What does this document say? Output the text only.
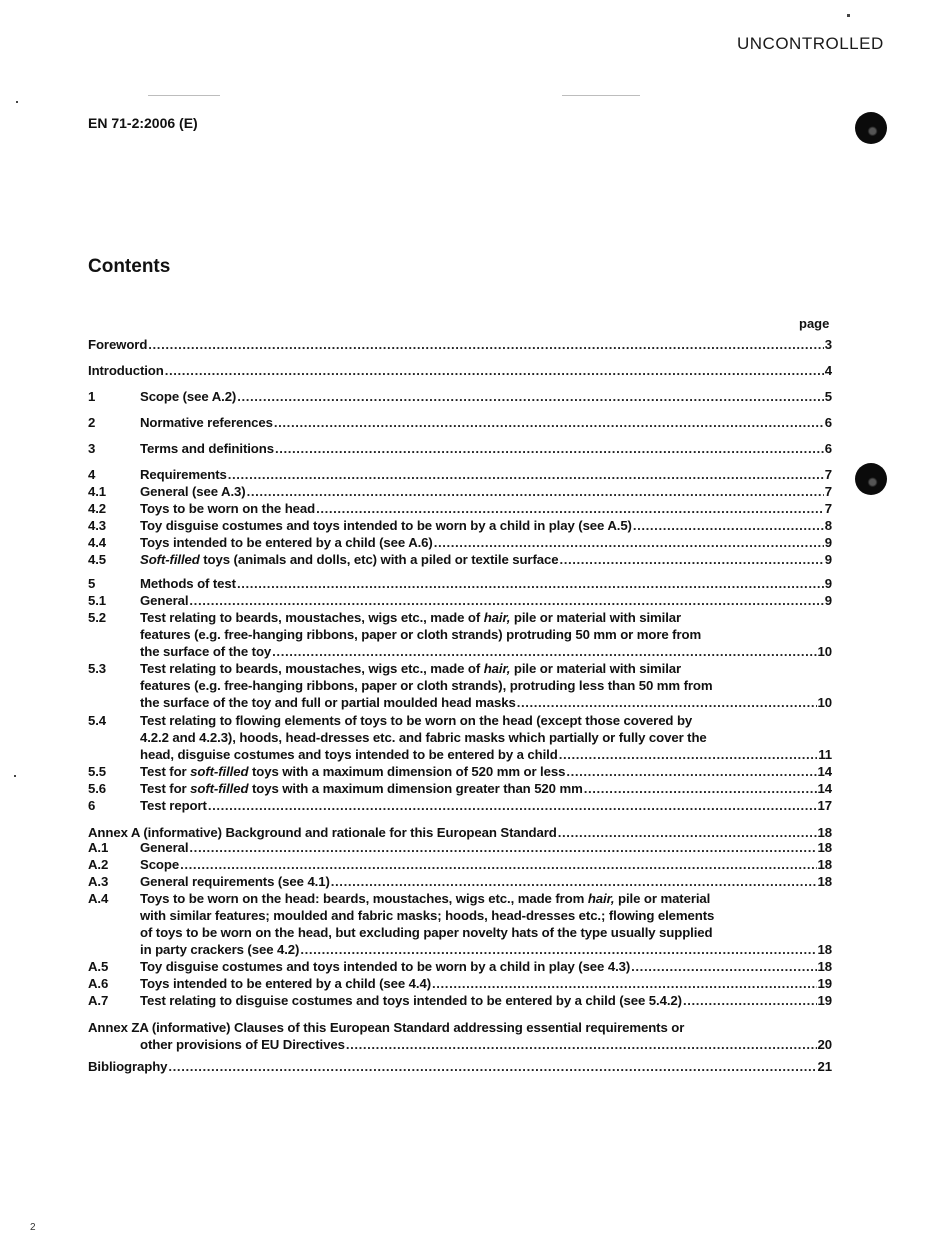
UNCONTROLLED
EN 71-2:2006 (E)
Contents
page
Foreword .....	3
Introduction .....	4
1	Scope (see A.2) .....	5
2	Normative references .....	6
3	Terms and definitions .....	6
4	Requirements .....	7
4.1	General (see A.3) .....	7
4.2	Toys to be worn on the head .....	7
4.3	Toy disguise costumes and toys intended to be worn by a child in play (see A.5) .....	8
4.4	Toys intended to be entered by a child (see A.6) .....	9
4.5	Soft-filled toys (animals and dolls, etc) with a piled or textile surface .....	9
5	Methods of test .....	9
5.1	General .....	9
5.2	Test relating to beards, moustaches, wigs etc., made of hair, pile or material with similar
features (e.g. free-hanging ribbons, paper or cloth strands) protruding 50 mm or more from
the surface of the toy .....	10
5.3	Test relating to beards, moustaches, wigs etc., made of hair, pile or material with similar
features (e.g. free-hanging ribbons, paper or cloth strands), protruding less than 50 mm from
the surface of the toy and full or partial moulded head masks .....	10
5.4	Test relating to flowing elements of toys to be worn on the head (except those covered by
4.2.2 and 4.2.3), hoods, head-dresses etc. and fabric masks which partially or fully cover the
head, disguise costumes and toys intended to be entered by a child .....	11
5.5	Test for soft-filled toys with a maximum dimension of 520 mm or less .....	14
5.6	Test for soft-filled toys with a maximum dimension greater than 520 mm .....	14
6	Test report .....	17
Annex A (informative) Background and rationale for this European Standard .....	18
A.1 General .....	18
A.2 Scope .....	18
A.3 General requirements (see 4.1) .....	18
A.4 Toys to be worn on the head: beards, moustaches, wigs etc., made from hair, pile or material
with similar features; moulded and fabric masks; hoods, head-dresses etc.; flowing elements
of toys to be worn on the head, but excluding paper novelty hats of the type usually supplied
in party crackers (see 4.2) .....	18
A.5 Toy disguise costumes and toys intended to be worn by a child in play (see 4.3) .....	18
A.6 Toys intended to be entered by a child (see 4.4) .....	19
A.7 Test relating to disguise costumes and toys intended to be entered by a child (see 5.4.2) .....	19
Annex ZA (informative) Clauses of this European Standard addressing essential requirements or
other provisions of EU Directives .....	20
Bibliography .....	21
2
